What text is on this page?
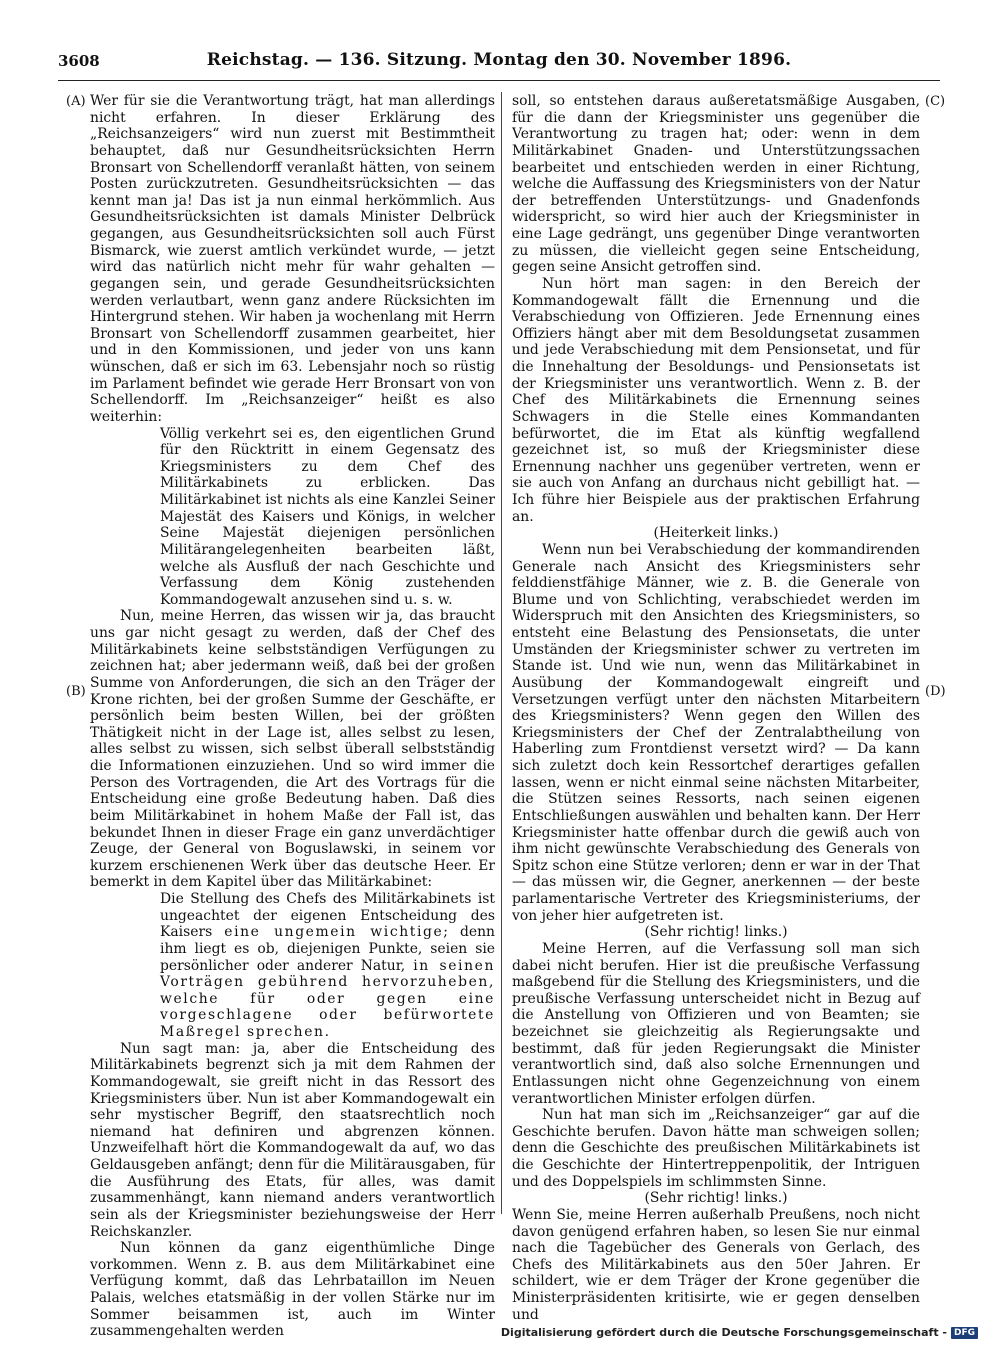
3608	Reichstag. — 136. Sitzung. Montag den 30. November 1896.
(A)
(B)
(C)
(D)

Wer für sie die Verantwortung trägt, hat man allerdings nicht erfahren. In dieser Erklärung des „Reichsanzeigers“ wird nun zuerst mit Bestimmtheit behauptet, daß nur Gesundheitsrücksichten Herrn Bronsart von Schellendorff veranlaßt hätten, von seinem Posten zurückzutreten. Gesundheitsrücksichten — das kennt man ja! Das ist ja nun einmal herkömmlich. Aus Gesundheitsrücksichten ist damals Minister Delbrück gegangen, aus Gesundheitsrücksichten soll auch Fürst Bismarck, wie zuerst amtlich verkündet wurde, — jetzt wird das natürlich nicht mehr für wahr gehalten — gegangen sein, und gerade Gesundheitsrücksichten werden verlautbart, wenn ganz andere Rücksichten im Hintergrund stehen. Wir haben ja wochenlang mit Herrn Bronsart von Schellendorff zusammen gearbeitet, hier und in den Kommissionen, und jeder von uns kann wünschen, daß er sich im 63. Lebensjahr noch so rüstig im Parlament befindet wie gerade Herr Bronsart von von Schellendorff. Im „Reichsanzeiger“ heißt es also weiterhin:

Völlig verkehrt sei es, den eigentlichen Grund für den Rücktritt in einem Gegensatz des Kriegsministers zu dem Chef des Militärkabinets zu erblicken. Das Militärkabinet ist nichts als eine Kanzlei Seiner Majestät des Kaisers und Königs, in welcher Seine Majestät diejenigen persönlichen Militärangelegenheiten bearbeiten läßt, welche als Ausfluß der nach Geschichte und Verfassung dem König zustehenden Kommandogewalt anzusehen sind u. s. w.

Nun, meine Herren, das wissen wir ja, das braucht uns gar nicht gesagt zu werden, daß der Chef des Militärkabinets keine selbstständigen Verfügungen zu zeichnen hat; aber jedermann weiß, daß bei der großen Summe von Anforderungen, die sich an den Träger der Krone richten, bei der großen Summe der Geschäfte, er persönlich beim besten Willen, bei der größten Thätigkeit nicht in der Lage ist, alles selbst zu lesen, alles selbst zu wissen, sich selbst überall selbstständig die Informationen einzuziehen. Und so wird immer die Person des Vortragenden, die Art des Vortrags für die Entscheidung eine große Bedeutung haben. Daß dies beim Militärkabinet in hohem Maße der Fall ist, das bekundet Ihnen in dieser Frage ein ganz unverdächtiger Zeuge, der General von Boguslawski, in seinem vor kurzem erschienenen Werk über das deutsche Heer. Er bemerkt in dem Kapitel über das Militärkabinet:

Die Stellung des Chefs des Militärkabinets ist ungeachtet der eigenen Entscheidung des Kaisers eine ungemein wichtige; denn ihm liegt es ob, diejenigen Punkte, seien sie persönlicher oder anderer Natur, in seinen Vorträgen gebührend hervorzuheben, welche für oder gegen eine vorgeschlagene oder befürwortete Maßregel sprechen.

Nun sagt man: ja, aber die Entscheidung des Militärkabinets begrenzt sich ja mit dem Rahmen der Kommandogewalt, sie greift nicht in das Ressort des Kriegsministers über. Nun ist aber Kommandogewalt ein sehr mystischer Begriff, den staatsrechtlich noch niemand hat definiren und abgrenzen können. Unzweifelhaft hört die Kommandogewalt da auf, wo das Geldausgeben anfängt; denn für die Militärausgaben, für die Ausführung des Etats, für alles, was damit zusammenhängt, kann niemand anders verantwortlich sein als der Kriegsminister beziehungsweise der Herr Reichskanzler.

Nun können da ganz eigenthümliche Dinge vorkommen. Wenn z. B. aus dem Militärkabinet eine Verfügung kommt, daß das Lehrbataillon im Neuen Palais, welches etatsmäßig in der vollen Stärke nur im Sommer beisammen ist, auch im Winter zusammengehalten werden

soll, so entstehen daraus außeretatsmäßige Ausgaben, für die dann der Kriegsminister uns gegenüber die Verantwortung zu tragen hat; oder: wenn in dem Militärkabinet Gnaden- und Unterstützungssachen bearbeitet und entschieden werden in einer Richtung, welche die Auffassung des Kriegsministers von der Natur der betreffenden Unterstützungs- und Gnadenfonds widerspricht, so wird hier auch der Kriegsminister in eine Lage gedrängt, uns gegenüber Dinge verantworten zu müssen, die vielleicht gegen seine Entscheidung, gegen seine Ansicht getroffen sind.

Nun hört man sagen: in den Bereich der Kommandogewalt fällt die Ernennung und die Verabschiedung von Offizieren. Jede Ernennung eines Offiziers hängt aber mit dem Besoldungsetat zusammen und jede Verabschiedung mit dem Pensionsetat, und für die Innehaltung der Besoldungs- und Pensionsetats ist der Kriegsminister uns verantwortlich. Wenn z. B. der Chef des Militärkabinets die Ernennung seines Schwagers in die Stelle eines Kommandanten befürwortet, die im Etat als künftig wegfallend gezeichnet ist, so muß der Kriegsminister diese Ernennung nachher uns gegenüber vertreten, wenn er sie auch von Anfang an durchaus nicht gebilligt hat. — Ich führe hier Beispiele aus der praktischen Erfahrung an.

(Heiterkeit links.)

Wenn nun bei Verabschiedung der kommandirenden Generale nach Ansicht des Kriegsministers sehr felddienstfähige Männer, wie z. B. die Generale von Blume und von Schlichting, verabschiedet werden im Widerspruch mit den Ansichten des Kriegsministers, so entsteht eine Belastung des Pensionsetats, die unter Umständen der Kriegsminister schwer zu vertreten im Stande ist. Und wie nun, wenn das Militärkabinet in Ausübung der Kommandogewalt eingreift und Versetzungen verfügt unter den nächsten Mitarbeitern des Kriegsministers? Wenn gegen den Willen des Kriegsministers der Chef der Zentralabtheilung von Haberling zum Frontdienst versetzt wird? — Da kann sich zuletzt doch kein Ressortchef derartiges gefallen lassen, wenn er nicht einmal seine nächsten Mitarbeiter, die Stützen seines Ressorts, nach seinen eigenen Entschließungen auswählen und behalten kann. Der Herr Kriegsminister hatte offenbar durch die gewiß auch von ihm nicht gewünschte Verabschiedung des Generals von Spitz schon eine Stütze verloren; denn er war in der That — das müssen wir, die Gegner, anerkennen — der beste parlamentarische Vertreter des Kriegsministeriums, der von jeher hier aufgetreten ist.

(Sehr richtig! links.)

Meine Herren, auf die Verfassung soll man sich dabei nicht berufen. Hier ist die preußische Verfassung maßgebend für die Stellung des Kriegsministers, und die preußische Verfassung unterscheidet nicht in Bezug auf die Anstellung von Offizieren und von Beamten; sie bezeichnet sie gleichzeitig als Regierungsakte und bestimmt, daß für jeden Regierungsakt die Minister verantwortlich sind, daß also solche Ernennungen und Entlassungen nicht ohne Gegenzeichnung von einem verantwortlichen Minister erfolgen dürfen.

Nun hat man sich im „Reichsanzeiger“ gar auf die Geschichte berufen. Davon hätte man schweigen sollen; denn die Geschichte des preußischen Militärkabinets ist die Geschichte der Hintertreppenpolitik, der Intriguen und des Doppelspiels im schlimmsten Sinne.

(Sehr richtig! links.)

Wenn Sie, meine Herren außerhalb Preußens, noch nicht davon genügend erfahren haben, so lesen Sie nur einmal nach die Tagebücher des Generals von Gerlach, des Chefs des Militärkabinets aus den 50er Jahren. Er schildert, wie er dem Träger der Krone gegenüber die Ministerpräsidenten kritisirte, wie er gegen denselben und

Digitalisierung gefördert durch die Deutsche Forschungsgemeinschaft - DFG
